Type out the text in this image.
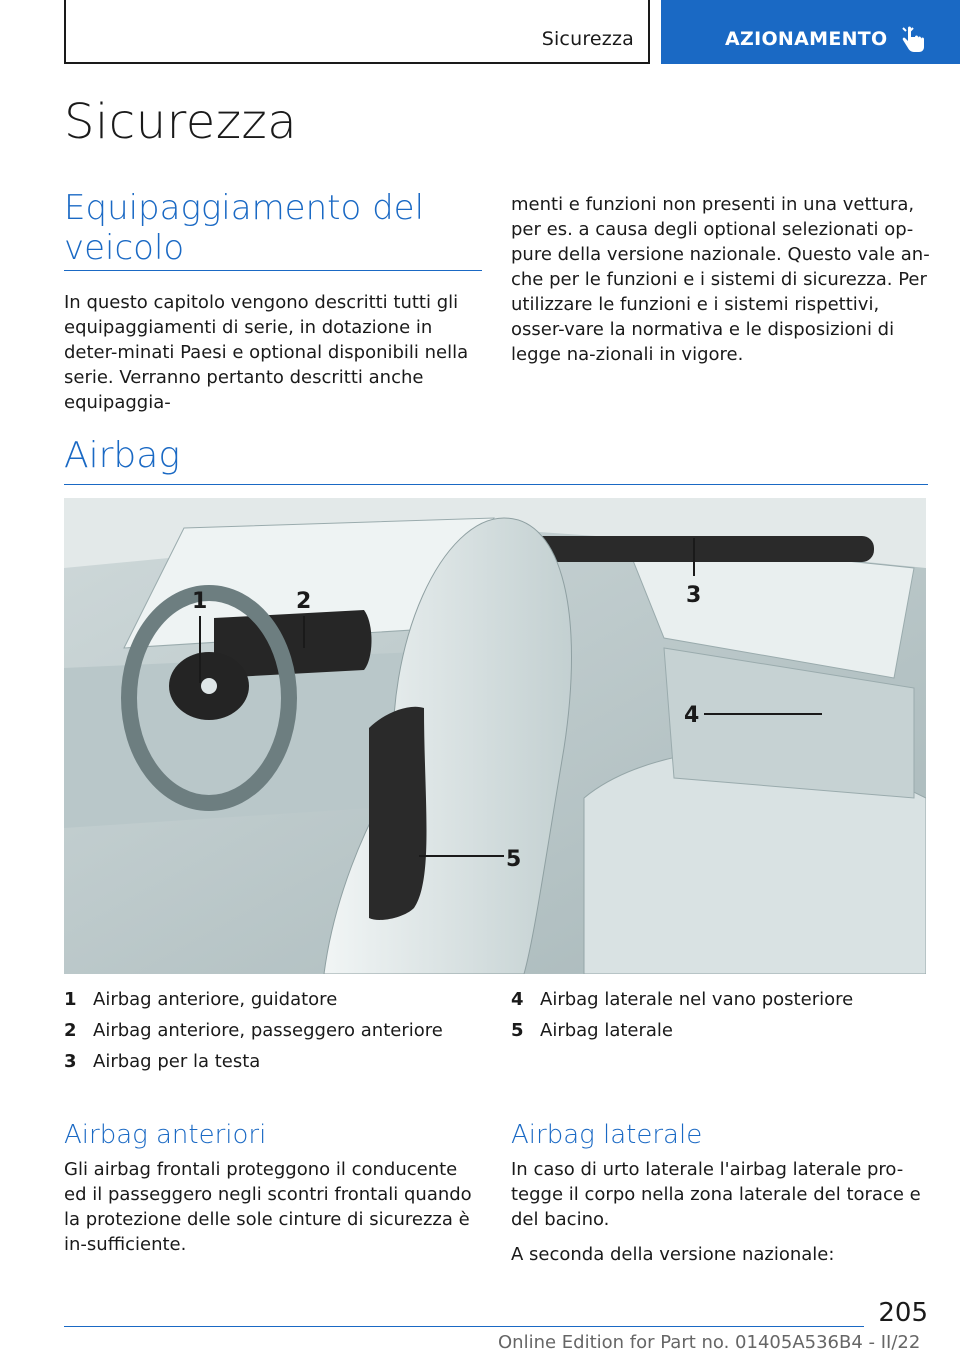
Sicurezza	AZIONAMENTO
Sicurezza
Equipaggiamento del veicolo

In questo capitolo vengono descritti tutti gli equipaggiamenti di serie, in dotazione in deter-minati Paesi e optional disponibili nella serie. Verranno pertanto descritti anche equipaggia-

menti e funzioni non presenti in una vettura, per es. a causa degli optional selezionati op-pure della versione nazionale. Questo vale an-che per le funzioni e i sistemi di sicurezza. Per utilizzare le funzioni e i sistemi rispettivi, osser-vare la normativa e le disposizioni di legge na-zionali in vigore.

Airbag
1	2	3
4
5
1 Airbag anteriore, guidatore
2 Airbag anteriore, passeggero anteriore
3 Airbag per la testa
4 Airbag laterale nel vano posteriore
5 Airbag laterale
Airbag anteriori

Gli airbag frontali proteggono il conducente ed il passeggero negli scontri frontali quando la protezione delle sole cinture di sicurezza è in-sufficiente.

Airbag laterale

In caso di urto laterale l'airbag laterale pro-tegge il corpo nella zona laterale del torace e del bacino.

A seconda della versione nazionale:

205
Online Edition for Part no. 01405A536B4 - II/22
